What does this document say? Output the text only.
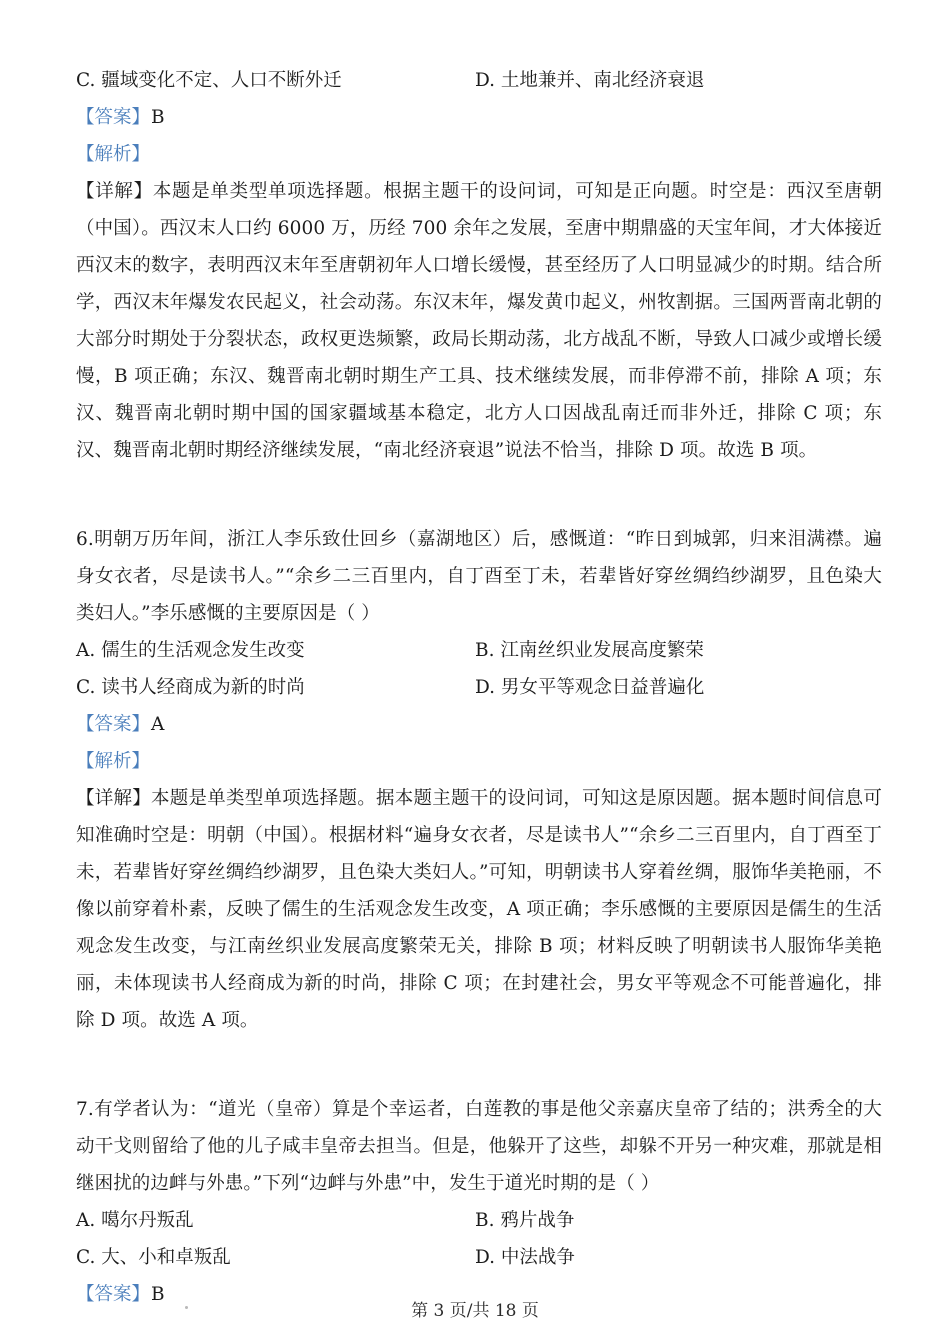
C. 疆域变化不定、人口不断外迁	D. 土地兼并、南北经济衰退
【答案】B
【解析】

【详解】本题是单类型单项选择题。根据主题干的设问词，可知是正向题。时空是：西汉至唐朝（中国）。西汉末人口约 6000 万，历经 700 余年之发展，至唐中期鼎盛的天宝年间，才大体接近西汉末的数字，表明西汉末年至唐朝初年人口增长缓慢，甚至经历了人口明显减少的时期。结合所学，西汉末年爆发农民起义，社会动荡。东汉末年，爆发黄巾起义，州牧割据。三国两晋南北朝的大部分时期处于分裂状态，政权更迭频繁，政局长期动荡，北方战乱不断，导致人口减少或增长缓慢，B 项正确；东汉、魏晋南北朝时期生产工具、技术继续发展，而非停滞不前，排除 A 项；东汉、魏晋南北朝时期中国的国家疆域基本稳定，北方人口因战乱南迁而非外迁，排除 C 项；东汉、魏晋南北朝时期经济继续发展，“南北经济衰退”说法不恰当，排除 D 项。故选 B 项。

6.明朝万历年间，浙江人李乐致仕回乡（嘉湖地区）后，感慨道：“昨日到城郭，归来泪满襟。遍身女衣者，尽是读书人。”“余乡二三百里内，自丁酉至丁未，若辈皆好穿丝绸绉纱湖罗，且色染大类妇人。”李乐感慨的主要原因是（ ）

A. 儒生的生活观念发生改变	B. 江南丝织业发展高度繁荣
C. 读书人经商成为新的时尚	D. 男女平等观念日益普遍化
【答案】A
【解析】

【详解】本题是单类型单项选择题。据本题主题干的设问词，可知这是原因题。据本题时间信息可知准确时空是：明朝（中国）。根据材料“遍身女衣者，尽是读书人”“余乡二三百里内，自丁酉至丁未，若辈皆好穿丝绸绉纱湖罗，且色染大类妇人。”可知，明朝读书人穿着丝绸，服饰华美艳丽，不像以前穿着朴素，反映了儒生的生活观念发生改变，A 项正确；李乐感慨的主要原因是儒生的生活观念发生改变，与江南丝织业发展高度繁荣无关，排除 B 项；材料反映了明朝读书人服饰华美艳丽，未体现读书人经商成为新的时尚，排除 C 项；在封建社会，男女平等观念不可能普遍化，排除 D 项。故选 A 项。

7.有学者认为：“道光（皇帝）算是个幸运者，白莲教的事是他父亲嘉庆皇帝了结的；洪秀全的大动干戈则留给了他的儿子咸丰皇帝去担当。但是，他躲开了这些，却躲不开另一种灾难，那就是相继困扰的边衅与外患。”下列“边衅与外患”中，发生于道光时期的是（ ）

A. 噶尔丹叛乱	B. 鸦片战争
C. 大、小和卓叛乱	D. 中法战争
【答案】B
第 3 页/共 18 页
